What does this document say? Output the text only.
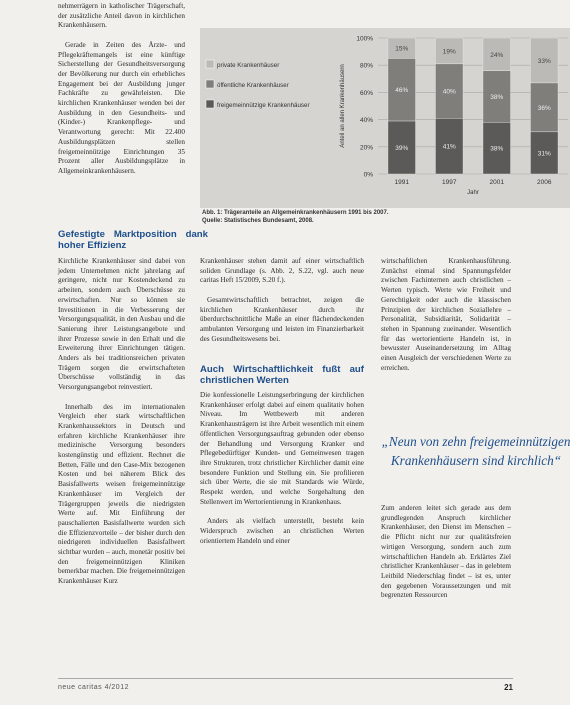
nehmerrägern in katholischer Trägerschaft, der zusätzliche Anteil davon in kirchlichen Krankenhäusern.

Gerade in Zeiten des Ärzte- und Pflegekräftemangels ist eine künftige Sicherstellung der Gesundheitsversorgung der Bevölkerung nur durch ein erhebliches Engagement bei der Ausbildung junger Fachkräfte zu gewährleisten. Die kirchlichen Krankenhäuser wenden bei der Ausbildung in den Gesundheits- und (Kinder-) Krankenpflege- und Verantwortung gerecht: Mit 22.400 Ausbildungsplätzen stellen freigemeinnützige Einrichtungen 35 Prozent aller Ausbildungsplätze in Allgemeinkrankenhäusern.

Gefestigte Marktposition dank hoher Effizienz

Kirchliche Krankenhäuser sind dabei von jedem Unternehmen nicht jahrelang auf geringere, nicht nur Kostendeckend zu arbeiten, sondern auch Überschüsse zu erwirtschaften. Nur so können sie Investitionen in die Verbesserung der Versorgungsqualität, in den Ausbau und die Sanierung ihrer Leistungsangebote und ihrer Prozesse sowie in den Erhalt und die Erweiterung ihrer Einrichtungen tätigen. Anders als bei traditionsreichen privaten Trägern sorgen die erwirtschafteten Überschüsse vollständig in das Versorgungsangebot reinvestiert.

Innerhalb des im internationalen Vergleich eher stark wirtschaftlichen Krankenhaussektors in Deutsch und erfahren kirchliche Krankenhäuser ihre medizinische Versorgung besonders kostengünstig und effizient. Rechnet die Betten, Fälle und den Case-Mix bezogenen Kosten und bei näherem Blick des Basisfallwerts weisen freigemeinnützige Krankenhäuser im Vergleich der Trägergruppen jeweils die niedrigsten Werte auf. Mit Einführung der pauschalierten Basisfallwerte wurden sich die Effizienzvorteile – der bisher durch den niedrigeren individuellen Basisfallwert sichtbar wurden – auch, monetär positiv bei den freigemeinnützigen Kliniken bemerkbar machen. Die freigemeinnützigen Krankenhäuser Kurz

Krankenhäuser stehen damit auf einer wirtschaftlich soliden Grundlage (s. Abb. 2, S.22, vgl. auch neue caritas Heft 15/2009, S.20 f.).

Gesamtwirtschaftlich betrachtet, zeigen die kirchlichen Krankenhäuser durch ihr überdurchschnittliche Maße an einer flächendeckenden ambulanten Versorgung und leisten im Finanzierbarkeit des Gesundheitswesens bei.

Auch Wirtschaftlichkeit fußt auf christlichen Werten

Die konfessionelle Leistungserbringung der kirchlichen Krankenhäuser erfolgt dabei auf einem qualitativ hohen Niveau. Im Wettbewerb mit anderen Krankenhausträgern ist ihre Arbeit wesentlich mit einem öffentlichen Versorgungsauftrag gebunden oder ebenso der Behandlung und Versorgung Kranker und Pflegebedürftiger Kunden- und Gemeinwesen tragen ihre Strukturen, trotz christlicher Kirchlicher damit eine besondere Funktion und Stellung ein. Sie profilieren sich über Werte, die sie mit Standards wie Würde, Respekt werden, und welche Sorgehaltung den Stellenwert im Wertorientierung in Krankenhaus.

Anders als vielfach unterstellt, besteht kein Widerspruch zwischen an christlichen Werten orientiertem Handeln und einer

wirtschaftlichen Krankenhausführung. Zunächst einmal sind Spannungsfelder zwischen Fachinternen auch christlichen – Werten typisch. Werte wie Freiheit und Gerechtigkeit oder auch die klassischen Prinzipien der kirchlichen Soziallehre – Personalität, Subsidiarität, Solidarität – stehen in Spannung zueinander. Wesentlich für das wertorientierte Handeln ist, in bewusster Auseinandersetzung im Alltag einen Ausgleich der verschiedenen Werte zu erreichen.

„Neun von zehn freigemeinnützigen Krankenhäusern sind kirchlich“

Zum anderen leitet sich gerade aus dem grundlegenden Anspruch kirchlicher Krankenhäuser, den Dienst im Menschen – die Pflicht nicht nur zur qualitätsfreien wirtigen Versorgung, sondern auch zum wirtschaftlichen Handeln ab. Erklärtes Ziel christlicher Krankenhäuser – das in gelebtem Leitbild Niederschlag findet – ist es, unter den gegebenen Voraussetzungen und mit begrenzten Ressourcen

0%
20%
40%
60%
80%
100%
Anteil an allen Krankenhäusern
39%
46%
15%
1991
41%
40%
19%
1997
38%
38%
24%
2001
31%
36%
33%
2006
Jahr
private Krankenhäuser
öffentliche Krankenhäuser
freigemeinnützige Krankenhäuser
Abb. 1: Trägeranteile an Allgemeinkrankenhäusern 1991 bis 2007.
Quelle: Statistisches Bundesamt, 2008.
neue caritas 4/2012	21
